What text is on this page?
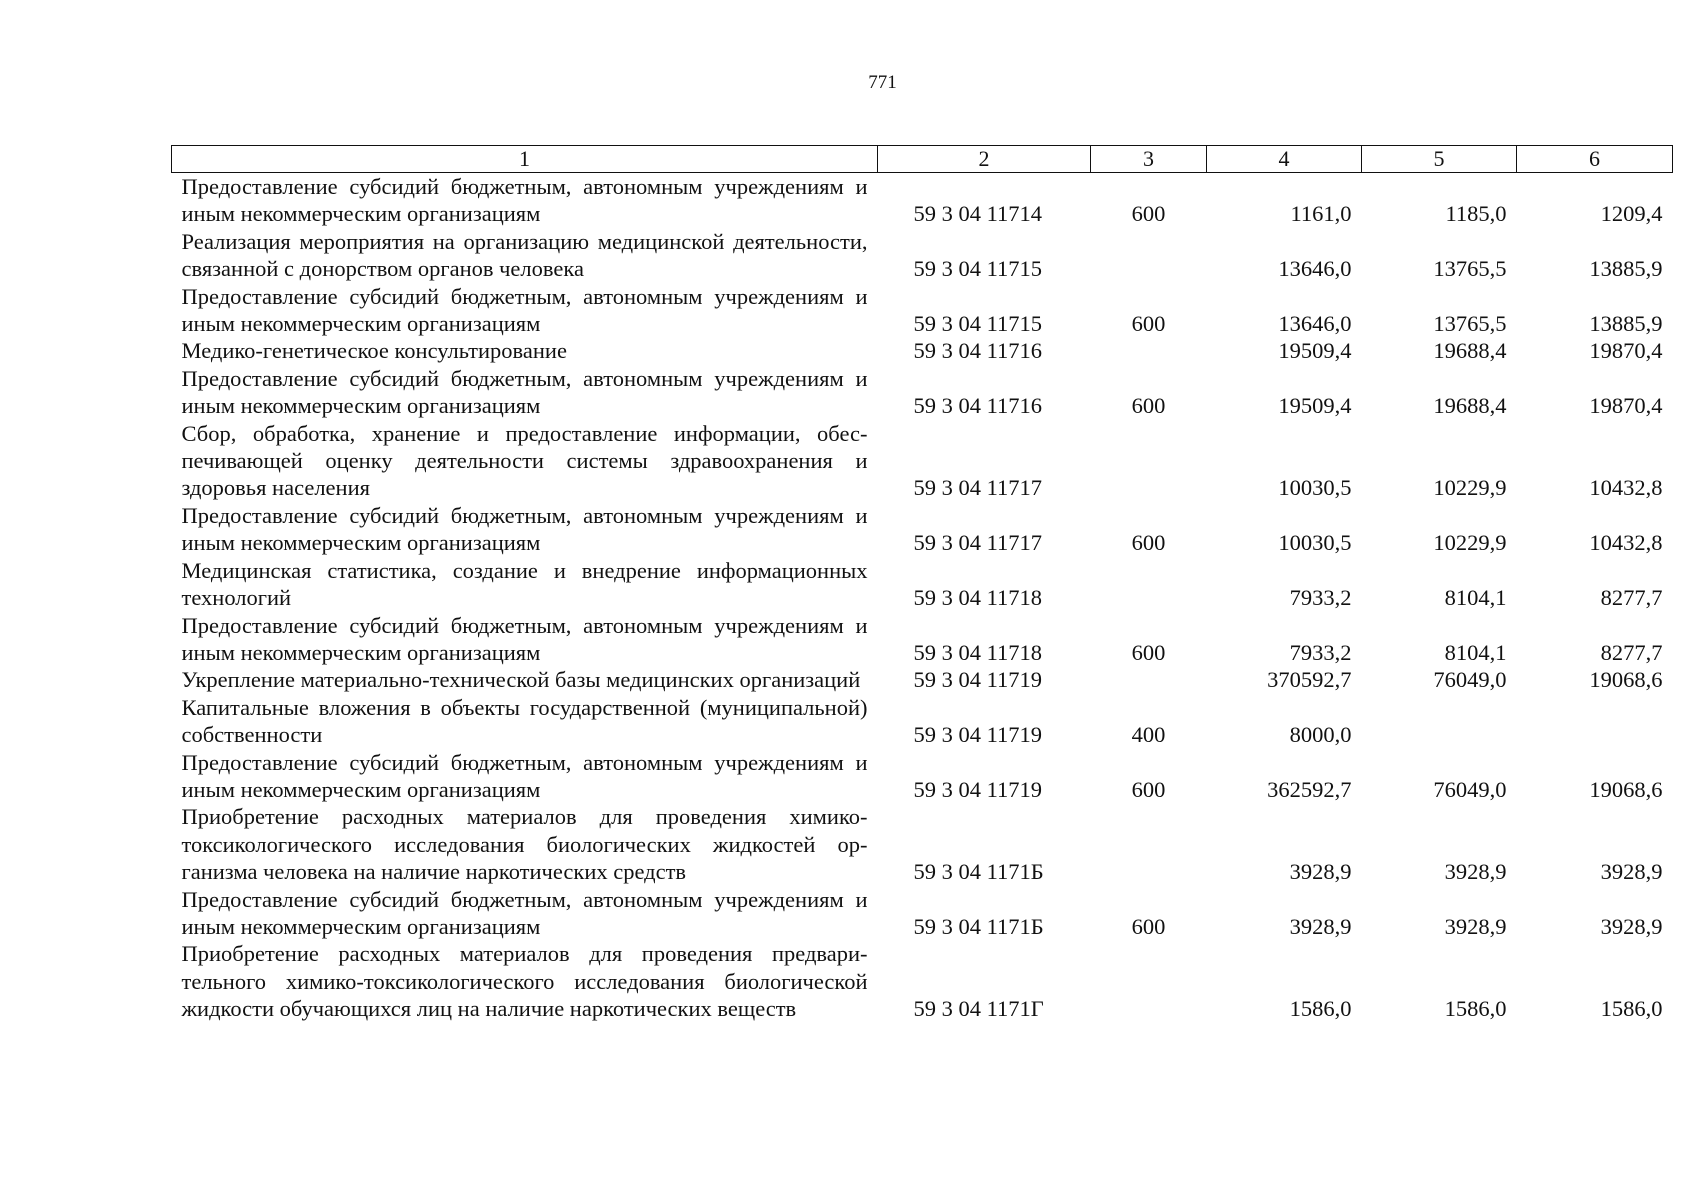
771
1	2	3	4	5	6
Предоставление субсидий бюджетным, автономным учреждениям и иным некоммерческим организациям	59 3 04 11714	600	1161,0	1185,0	1209,4
Реализация мероприятия на организацию медицинской деятельности, связанной с донорством органов человека	59 3 04 11715		13646,0	13765,5	13885,9
Предоставление субсидий бюджетным, автономным учреждениям и иным некоммерческим организациям	59 3 04 11715	600	13646,0	13765,5	13885,9
Медико-генетическое консультирование	59 3 04 11716		19509,4	19688,4	19870,4
Предоставление субсидий бюджетным, автономным учреждениям и иным некоммерческим организациям	59 3 04 11716	600	19509,4	19688,4	19870,4
Сбор, обработка, хранение и предоставление информации, обеспечивающей оценку деятельности системы здравоохранения и здоровья населения	59 3 04 11717		10030,5	10229,9	10432,8
Предоставление субсидий бюджетным, автономным учреждениям и иным некоммерческим организациям	59 3 04 11717	600	10030,5	10229,9	10432,8
Медицинская статистика, создание и внедрение информационных технологий	59 3 04 11718		7933,2	8104,1	8277,7
Предоставление субсидий бюджетным, автономным учреждениям и иным некоммерческим организациям	59 3 04 11718	600	7933,2	8104,1	8277,7
Укрепление материально-технической базы медицинских организаций	59 3 04 11719		370592,7	76049,0	19068,6
Капитальные вложения в объекты государственной (муниципальной) собственности	59 3 04 11719	400	8000,0		
Предоставление субсидий бюджетным, автономным учреждениям и иным некоммерческим организациям	59 3 04 11719	600	362592,7	76049,0	19068,6
Приобретение расходных материалов для проведения химико-токсикологического исследования биологических жидкостей организма человека на наличие наркотических средств	59 3 04 1171Б		3928,9	3928,9	3928,9
Предоставление субсидий бюджетным, автономным учреждениям и иным некоммерческим организациям	59 3 04 1171Б	600	3928,9	3928,9	3928,9
Приобретение расходных материалов для проведения предварительного химико-токсикологического исследования биологической жидкости обучающихся лиц на наличие наркотических веществ	59 3 04 1171Г		1586,0	1586,0	1586,0
